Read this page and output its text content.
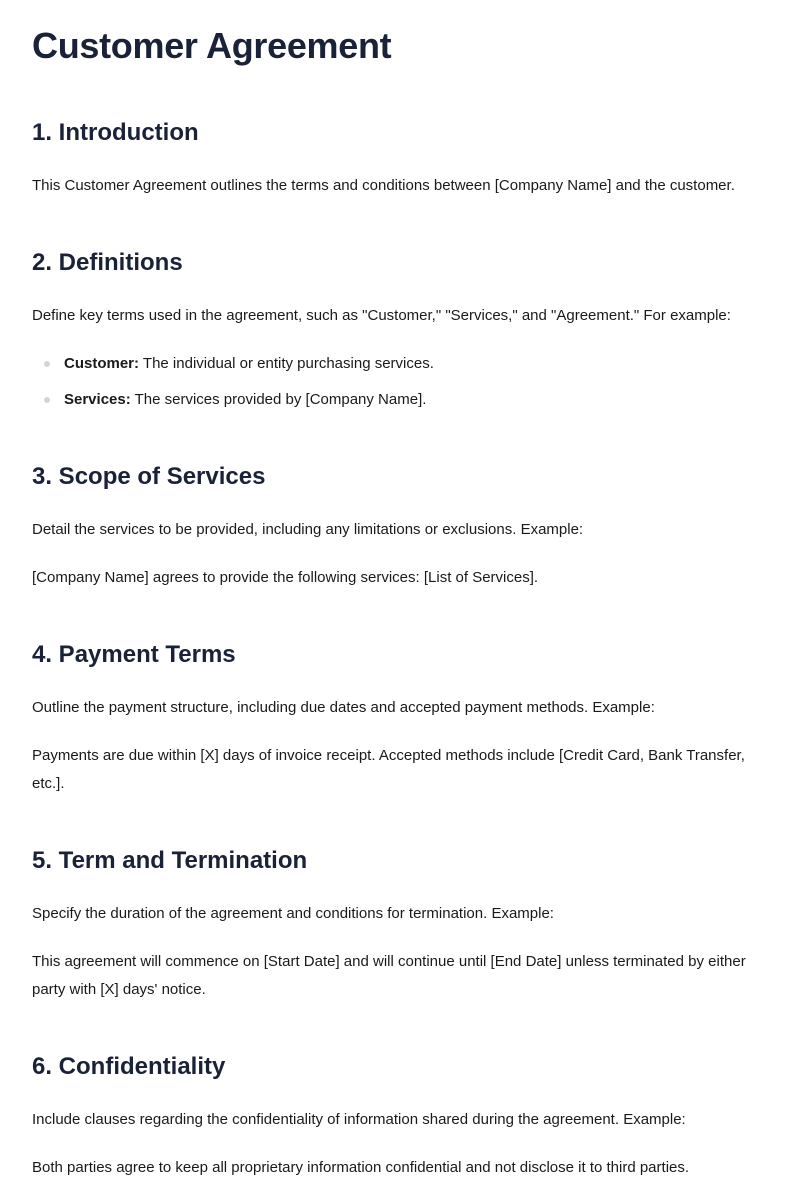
Customer Agreement
1. Introduction

This Customer Agreement outlines the terms and conditions between [Company Name] and the customer.

2. Definitions

Define key terms used in the agreement, such as "Customer," "Services," and "Agreement." For example:

Customer: The individual or entity purchasing services.
Services: The services provided by [Company Name].
3. Scope of Services

Detail the services to be provided, including any limitations or exclusions. Example:

[Company Name] agrees to provide the following services: [List of Services].

4. Payment Terms

Outline the payment structure, including due dates and accepted payment methods. Example:

Payments are due within [X] days of invoice receipt. Accepted methods include [Credit Card, Bank Transfer, etc.].

5. Term and Termination

Specify the duration of the agreement and conditions for termination. Example:

This agreement will commence on [Start Date] and will continue until [End Date] unless terminated by either party with [X] days' notice.

6. Confidentiality

Include clauses regarding the confidentiality of information shared during the agreement. Example:

Both parties agree to keep all proprietary information confidential and not disclose it to third parties.
